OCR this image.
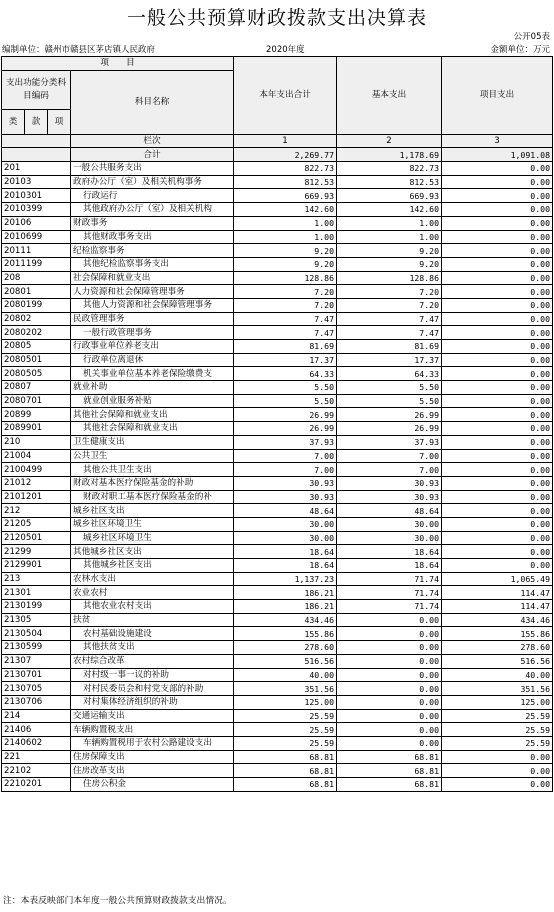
一般公共预算财政拨款支出决算表
公开05表
编制单位：赣州市赣县区茅店镇人民政府	2020年度	金额单位：万元
项　　目				本年支出合计	基本支出	项目支出
支出功能分类科目编码			科目名称			
类	款	项				
			栏次	1	2	3
			合计	2,269.77	1,178.69	1,091.08
201			一般公共服务支出	822.73	822.73	0.00
20103			政府办公厅（室）及相关机构事务	812.53	812.53	0.00
2010301			行政运行	669.93	669.93	0.00
2010399			其他政府办公厅（室）及相关机构	142.60	142.60	0.00
20106			财政事务	1.00	1.00	0.00
2010699			其他财政事务支出	1.00	1.00	0.00
20111			纪检监察事务	9.20	9.20	0.00
2011199			其他纪检监察事务支出	9.20	9.20	0.00
208			社会保障和就业支出	128.86	128.86	0.00
20801			人力资源和社会保障管理事务	7.20	7.20	0.00
2080199			其他人力资源和社会保障管理事务	7.20	7.20	0.00
20802			民政管理事务	7.47	7.47	0.00
2080202			一般行政管理事务	7.47	7.47	0.00
20805			行政事业单位养老支出	81.69	81.69	0.00
2080501			行政单位离退休	17.37	17.37	0.00
2080505			机关事业单位基本养老保险缴费支	64.33	64.33	0.00
20807			就业补助	5.50	5.50	0.00
2080701			就业创业服务补贴	5.50	5.50	0.00
20899			其他社会保障和就业支出	26.99	26.99	0.00
2089901			其他社会保障和就业支出	26.99	26.99	0.00
210			卫生健康支出	37.93	37.93	0.00
21004			公共卫生	7.00	7.00	0.00
2100499			其他公共卫生支出	7.00	7.00	0.00
21012			财政对基本医疗保险基金的补助	30.93	30.93	0.00
2101201			财政对职工基本医疗保险基金的补	30.93	30.93	0.00
212			城乡社区支出	48.64	48.64	0.00
21205			城乡社区环境卫生	30.00	30.00	0.00
2120501			城乡社区环境卫生	30.00	30.00	0.00
21299			其他城乡社区支出	18.64	18.64	0.00
2129901			其他城乡社区支出	18.64	18.64	0.00
213			农林水支出	1,137.23	71.74	1,065.49
21301			农业农村	186.21	71.74	114.47
2130199			其他农业农村支出	186.21	71.74	114.47
21305			扶贫	434.46	0.00	434.46
2130504			农村基础设施建设	155.86	0.00	155.86
2130599			其他扶贫支出	278.60	0.00	278.60
21307			农村综合改革	516.56	0.00	516.56
2130701			对村级一事一议的补助	40.00	0.00	40.00
2130705			对村民委员会和村党支部的补助	351.56	0.00	351.56
2130706			对村集体经济组织的补助	125.00	0.00	125.00
214			交通运输支出	25.59	0.00	25.59
21406			车辆购置税支出	25.59	0.00	25.59
2140602			车辆购置税用于农村公路建设支出	25.59	0.00	25.59
221			住房保障支出	68.81	68.81	0.00
22102			住房改革支出	68.81	68.81	0.00
2210201			住房公积金	68.81	68.81	0.00
注：本表反映部门本年度一般公共预算财政拨款支出情况。
